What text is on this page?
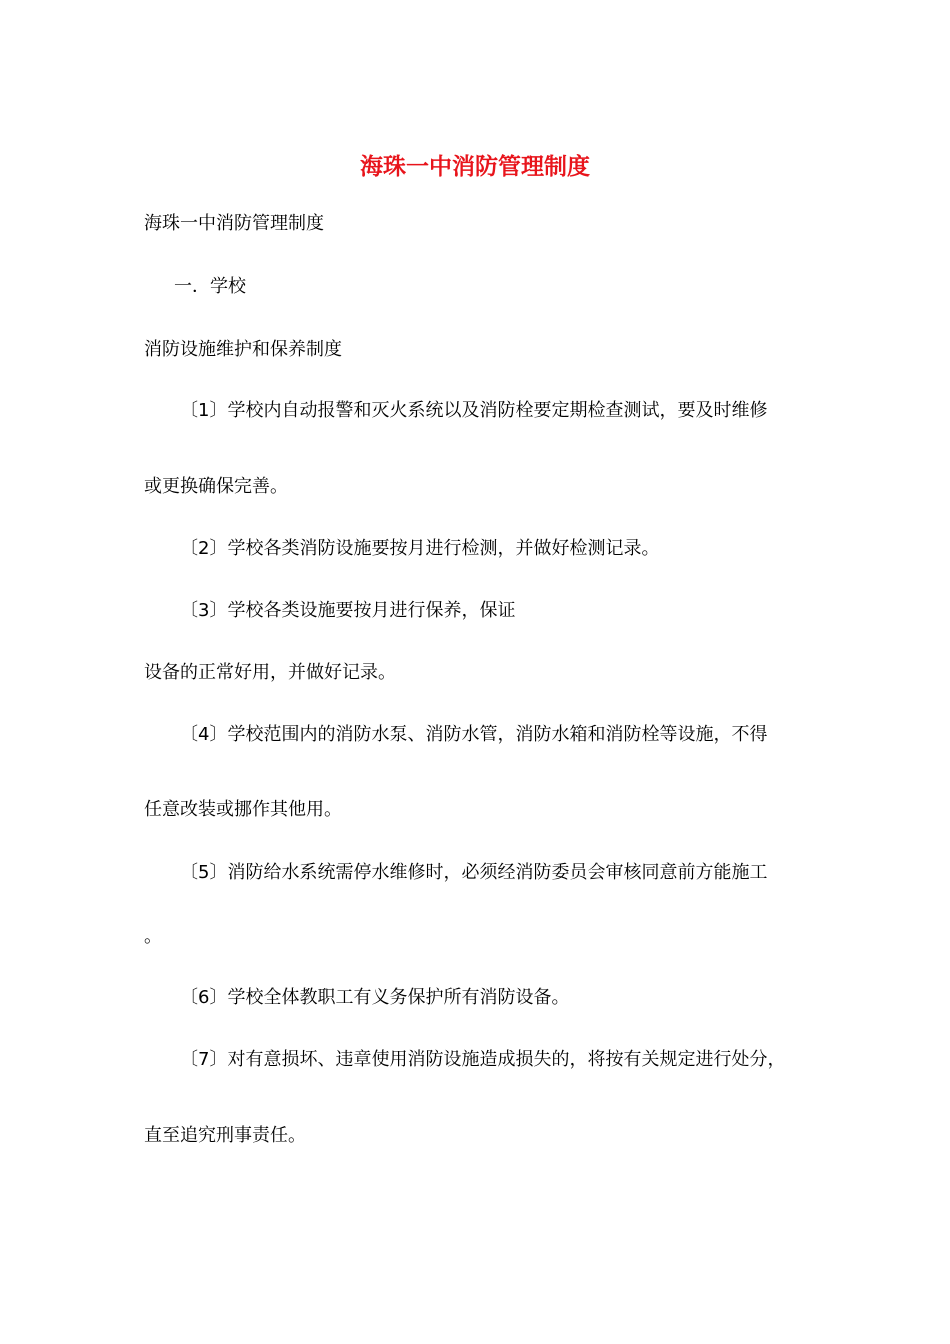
海珠一中消防管理制度
海珠一中消防管理制度
一．学校
消防设施维护和保养制度
〔1〕学校内自动报警和灭火系统以及消防栓要定期检查测试，要及时维修
或更换确保完善。
〔2〕学校各类消防设施要按月进行检测，并做好检测记录。
〔3〕学校各类设施要按月进行保养，保证
设备的正常好用，并做好记录。
〔4〕学校范围内的消防水泵、消防水管，消防水箱和消防栓等设施，不得
任意改装或挪作其他用。
〔5〕消防给水系统需停水维修时，必须经消防委员会审核同意前方能施工
。
〔6〕学校全体教职工有义务保护所有消防设备。
〔7〕对有意损坏、违章使用消防设施造成损失的，将按有关规定进行处分，
直至追究刑事责任。
